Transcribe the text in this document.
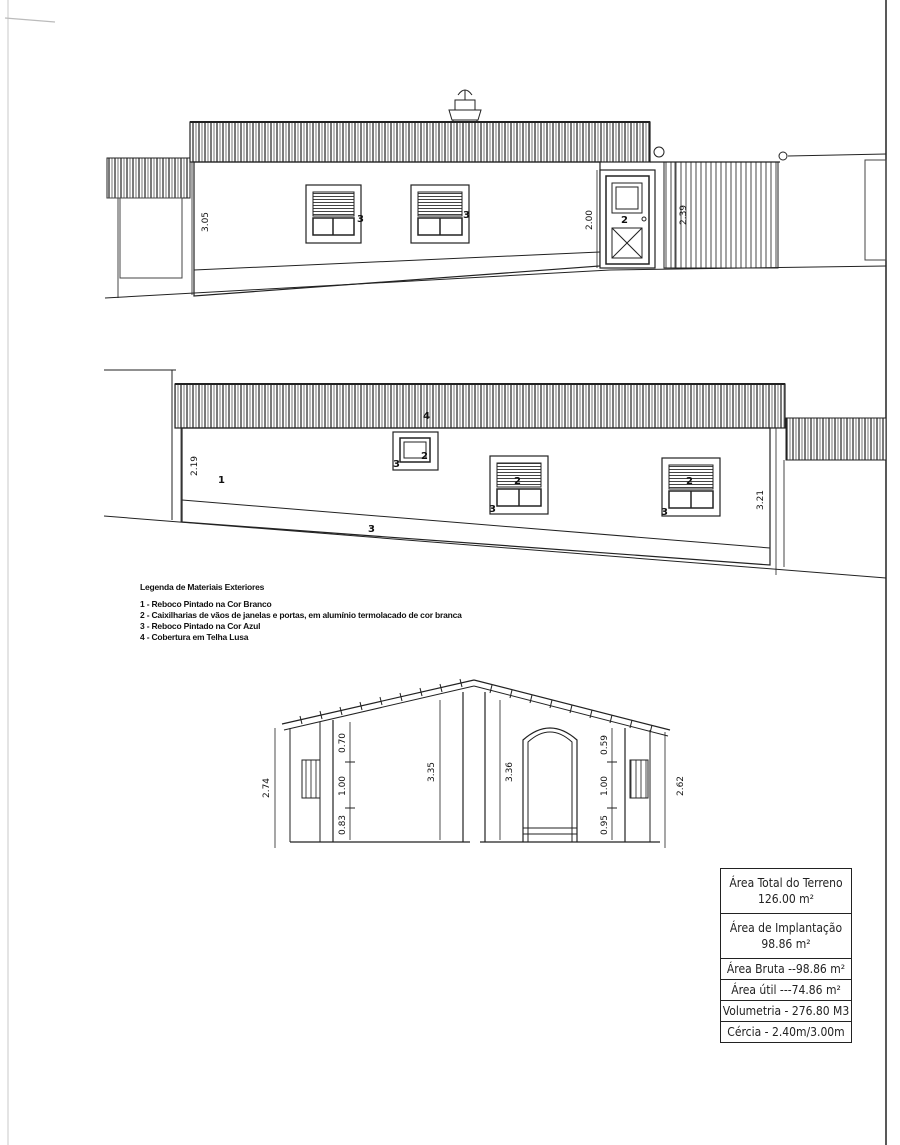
3.05	2.00	2.39
3	3	2
2.19
3.21
4
1
2
2	2
3
3	3
3
2.74
0.70
1.00
0.83
3.35	3.36
0.59
1.00
0.95
2.62
Legenda de Materiais Exteriores
1 - Reboco Pintado na Cor Branco
2 - Caixilharias de vãos de janelas e portas, em alumínio termolacado de cor branca
3 - Reboco Pintado na Cor Azul
4 - Cobertura em Telha Lusa
Área Total do Terreno
126.00 m²
Área de Implantação
98.86 m²
Área Bruta --98.86 m²
Área útil ---74.86 m²
Volumetria - 276.80 M3
Cércia - 2.40m/3.00m
